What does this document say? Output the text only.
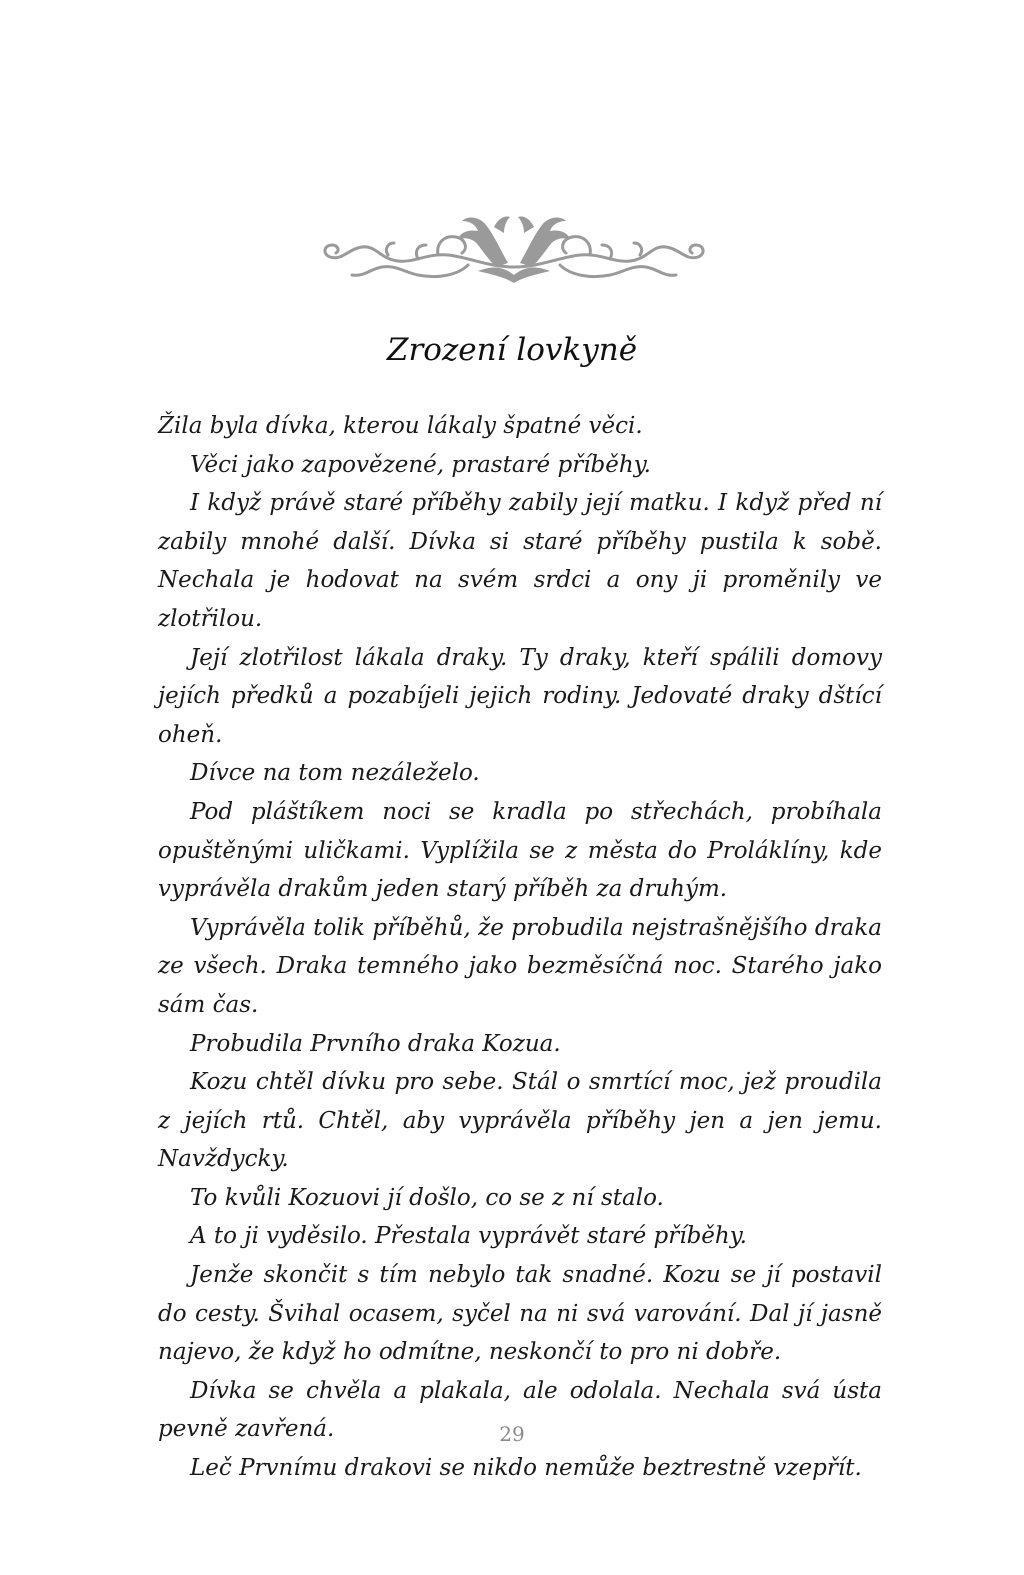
Zrození lovkyně

Žila byla dívka, kterou lákaly špatné věci.

Věci jako zapovězené, prastaré příběhy.

I když právě staré příběhy zabily její matku. I když před ní zabily mnohé další. Dívka si staré příběhy pustila k sobě. Nechala je hodovat na svém srdci a ony ji proměnily ve zlotřilou.

Její zlotřilost lákala draky. Ty draky, kteří spálili domovy jejích předků a pozabíjeli jejich rodiny. Jedovaté draky dštící oheň.

Dívce na tom nezáleželo.

Pod pláštíkem noci se kradla po střechách, probíhala opuštěnými uličkami. Vyplížila se z města do Proláklíny, kde vyprávěla drakům jeden starý příběh za druhým.

Vyprávěla tolik příběhů, že probudila nejstrašnějšího draka ze všech. Draka temného jako bezměsíčná noc. Starého jako sám čas.

Probudila Prvního draka Kozua.

Kozu chtěl dívku pro sebe. Stál o smrtící moc, jež proudila z jejích rtů. Chtěl, aby vyprávěla příběhy jen a jen jemu. Navždycky.

To kvůli Kozuovi jí došlo, co se z ní stalo.

A to ji vyděsilo. Přestala vyprávět staré příběhy.

Jenže skončit s tím nebylo tak snadné. Kozu se jí postavil do cesty. Švihal ocasem, syčel na ni svá varování. Dal jí jasně najevo, že když ho odmítne, neskončí to pro ni dobře.

Dívka se chvěla a plakala, ale odolala. Nechala svá ústa pevně zavřená.

Leč Prvnímu drakovi se nikdo nemůže beztrestně vzepřít.

29
